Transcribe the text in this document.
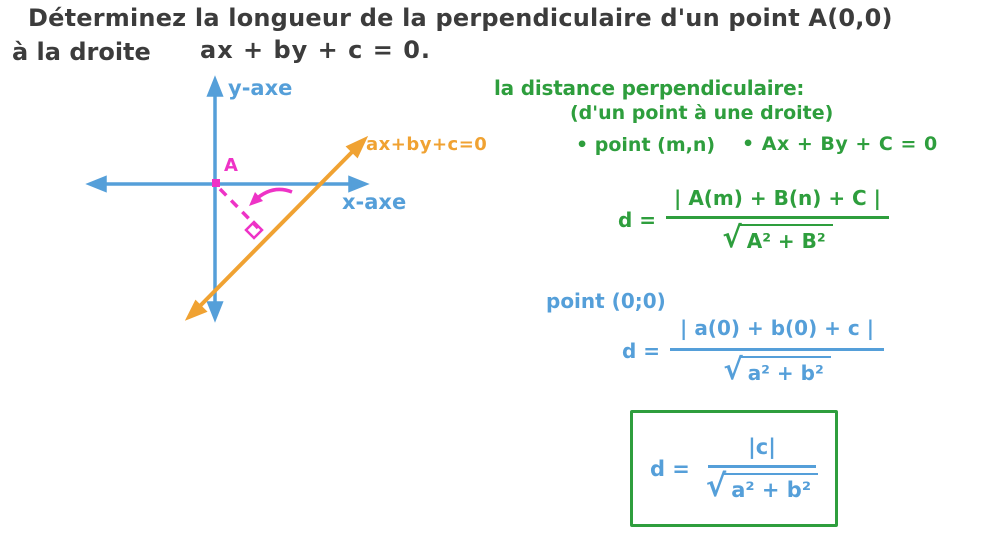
Déterminez la longueur de la perpendiculaire d'un point A(0,0)
à la droite ax + by + c = 0.
y-axe
x-axe
ax+by+c=0
A
la distance perpendiculaire:
(d'un point à une droite)
• point (m,n) • Ax + By + C = 0
$d = \frac{| A(m) + B(n) + C |}{\text{√ A² + B²}}$
point (0;0)
$d = \frac{| a(0) + b(0) + c |}{\text{√ a² + b²}}$
$d = \frac{|c|}{\text{√ a² + b²}}$
